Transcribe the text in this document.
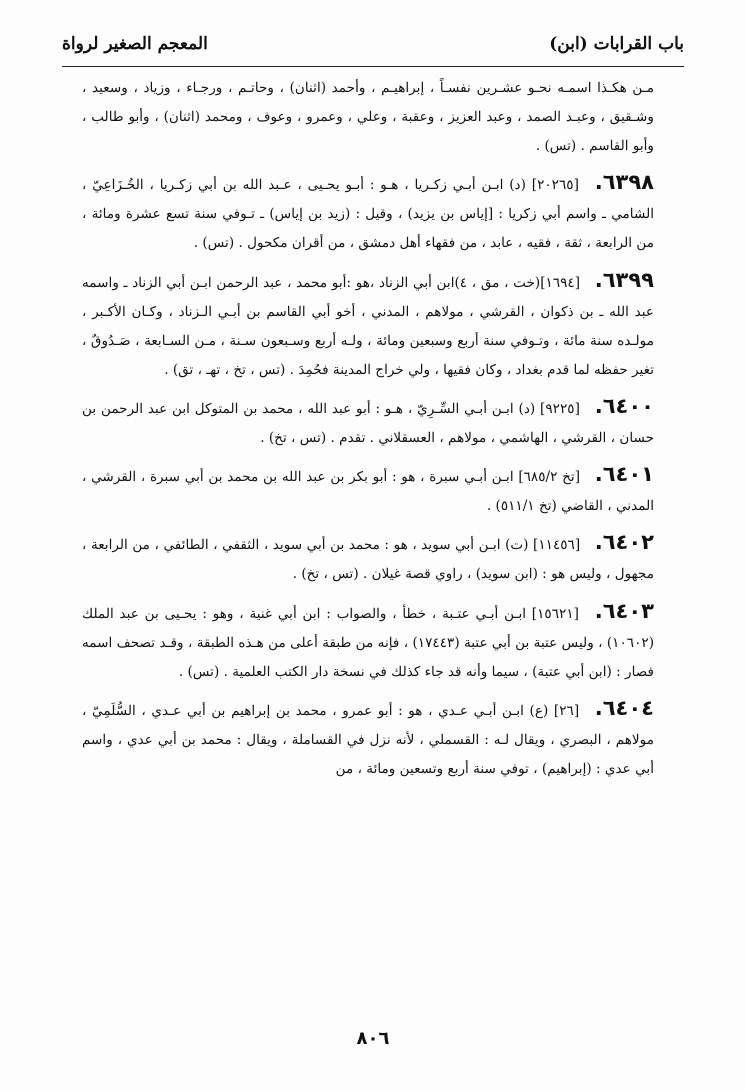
باب القرابات (ابن)
المعجم الصغير لرواة

مـن هكـذا اسمـه نحـو عشـرين نفسـاً ، إبراهيـم ، وأحمد (اثنان) ، وحاتـم ، ورجـاء ، وزياد ، وسعيد ، وشـقيق ، وعبـد الصمد ، وعبد العزيز ، وعقبة ، وعلي ، وعمرو ، وعوف ، ومحمد (اثنان) ، وأبو طالب ، وأبو القاسم . (تس) .

٦٣٩٨. [٢٠٢٦٥] (د) ابـن أبـي زكـريا ، هـو : أبـو يحـيى ، عـبد الله بن أبي زكـريا ، الخُـزَاعِيّ ، الشامي ـ واسم أبي زكريا : [إياس بن يزيد) ، وقيل : (زيد بن إياس) ـ تـوفي سنة تسع عشرة ومائة ، من الرابعة ، ثقة ، فقيه ، عابد ، من فقهاء أهل دمشق ، من أقران مكحول . (تس) .

٦٣٩٩. [١٦٩٤](خت ، مق ، ٤)ابن أبي الزناد ،هو :أبو محمد ، عبد الرحمن ابـن أبي الزناد ـ واسمه عبد الله ـ بن ذكوان ، القرشي ، مولاهم ، المدني ، أخو أبي القاسم بن أبـي الـزناد ، وكـان الأكـبر ، مولـده سنة مائة ، وتـوفي سنة أربع وسبعين ومائة ، ولـه أربع وسـبعون سـنة ، مـن السـابعة ، صَـدُوقٌ ، تغير حفظه لما قدم بغداد ، وكان فقيها ، ولي خراج المدينة فحُمِدَ . (تس ، تخ ، تهـ ، تق) .

٦٤٠٠. [٩٢٢٥] (د) ابـن أبـي السِّـرِيّ ، هـو : أبو عبد الله ، محمد بن المتوكل ابن عبد الرحمن بن حسان ، القرشي ، الهاشمي ، مولاهم ، العسقلاني . تقدم . (تس ، تخ) .

٦٤٠١. [تخ ٦٨٥/٢] ابـن أبـي سبرة ، هو : أبو بكر بن عبد الله بن محمد بن أبي سبرة ، القرشي ، المدني ، القاضي (تخ ٥١١/١) .

٦٤٠٢. [١١٤٥٦] (ت) ابـن أبي سويد ، هو : محمد بن أبي سويد ، الثقفي ، الطائفي ، من الرابعة ، مجهول ، وليس هو : (ابن سويد) ، راوي قصة غيلان . (تس ، تخ) .

٦٤٠٣. [١٥٦٢١] ابـن أبـي عتـبة ، خطأ ، والصواب : ابن أبي غنية ، وهو : يحـيى بن عبد الملك (١٠٦٠٢) ، وليس عتبة بن أبي عتبة (١٧٤٤٣) ، فإنه من طبقة أعلى من هـذه الطبقة ، وقـد تصحف اسمه فصار : (ابن أبي عتبة) ، سيما وأنه قد جاء كذلك في نسخة دار الكتب العلمية . (تس) .

٦٤٠٤. [٢٦] (ع) ابـن أبـي عـدي ، هو : أبو عمرو ، محمد بن إبراهيم بن أبي عـدي ، السُّلَمِيّ ، مولاهم ، البصري ، ويقال لـه : القسملي ، لأنه نزل في القساملة ، ويقال : محمد بن أبي عدي ، واسم أبي عدي : (إبراهيم) ، توفي سنة أربع وتسعين ومائة ، من

٨٠٦
